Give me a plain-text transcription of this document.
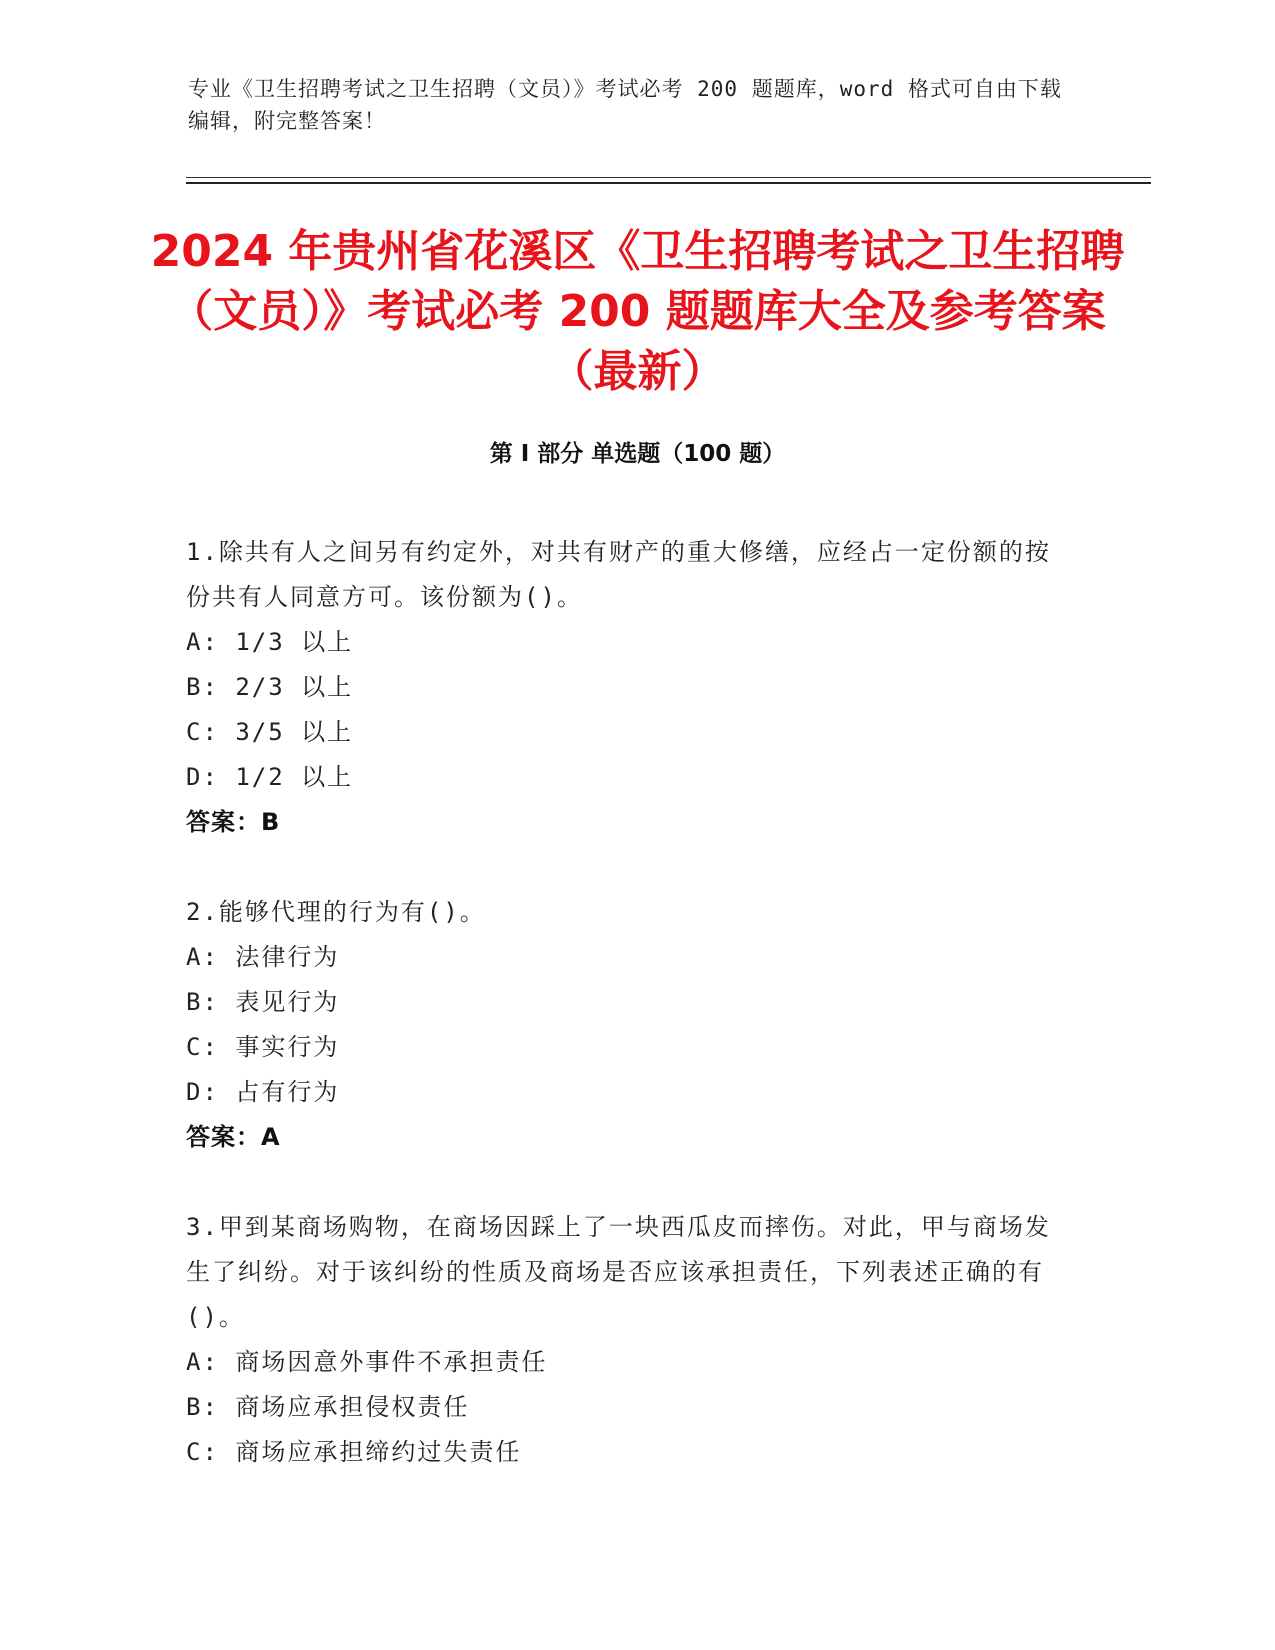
专业《卫生招聘考试之卫生招聘（文员）》考试必考 200 题题库，word 格式可自由下载编辑，附完整答案！
2024 年贵州省花溪区《卫生招聘考试之卫生招聘（文员）》考试必考 200 题题库大全及参考答案（最新）
第 I 部分 单选题（100 题）

1.除共有人之间另有约定外，对共有财产的重大修缮，应经占一定份额的按份共有人同意方可。该份额为()。

A: 1/3 以上

B: 2/3 以上

C: 3/5 以上

D: 1/2 以上

答案：B

2.能够代理的行为有()。

A: 法律行为

B: 表见行为

C: 事实行为

D: 占有行为

答案：A

3.甲到某商场购物，在商场因踩上了一块西瓜皮而摔伤。对此，甲与商场发生了纠纷。对于该纠纷的性质及商场是否应该承担责任，下列表述正确的有()。

A: 商场因意外事件不承担责任

B: 商场应承担侵权责任

C: 商场应承担缔约过失责任
